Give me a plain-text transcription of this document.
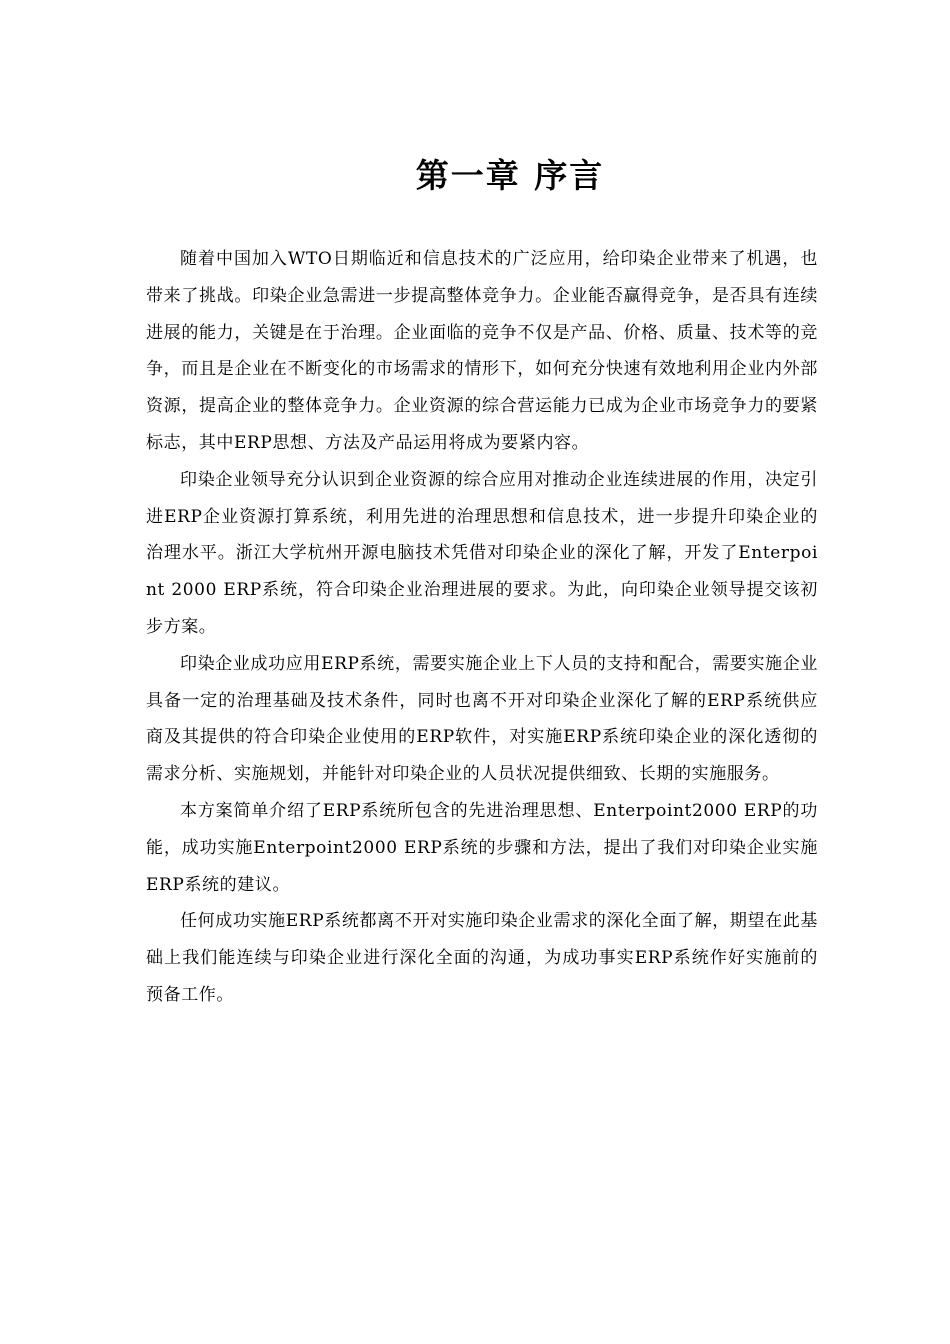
第一章 序言

随着中国加入WTO日期临近和信息技术的广泛应用，给印染企业带来了机遇，也带来了挑战。印染企业急需进一步提高整体竞争力。企业能否赢得竞争，是否具有连续进展的能力，关键是在于治理。企业面临的竞争不仅是产品、价格、质量、技术等的竞争，而且是企业在不断变化的市场需求的情形下，如何充分快速有效地利用企业内外部资源，提高企业的整体竞争力。企业资源的综合营运能力已成为企业市场竞争力的要紧标志，其中ERP思想、方法及产品运用将成为要紧内容。

印染企业领导充分认识到企业资源的综合应用对推动企业连续进展的作用，决定引进ERP企业资源打算系统，利用先进的治理思想和信息技术，进一步提升印染企业的治理水平。浙江大学杭州开源电脑技术凭借对印染企业的深化了解，开发了Enterpoint 2000 ERP系统，符合印染企业治理进展的要求。为此，向印染企业领导提交该初步方案。

印染企业成功应用ERP系统，需要实施企业上下人员的支持和配合，需要实施企业具备一定的治理基础及技术条件，同时也离不开对印染企业深化了解的ERP系统供应商及其提供的符合印染企业使用的ERP软件，对实施ERP系统印染企业的深化透彻的需求分析、实施规划，并能针对印染企业的人员状况提供细致、长期的实施服务。

本方案简单介绍了ERP系统所包含的先进治理思想、Enterpoint2000 ERP的功能，成功实施Enterpoint2000 ERP系统的步骤和方法，提出了我们对印染企业实施ERP系统的建议。

任何成功实施ERP系统都离不开对实施印染企业需求的深化全面了解，期望在此基础上我们能连续与印染企业进行深化全面的沟通，为成功事实ERP系统作好实施前的预备工作。
